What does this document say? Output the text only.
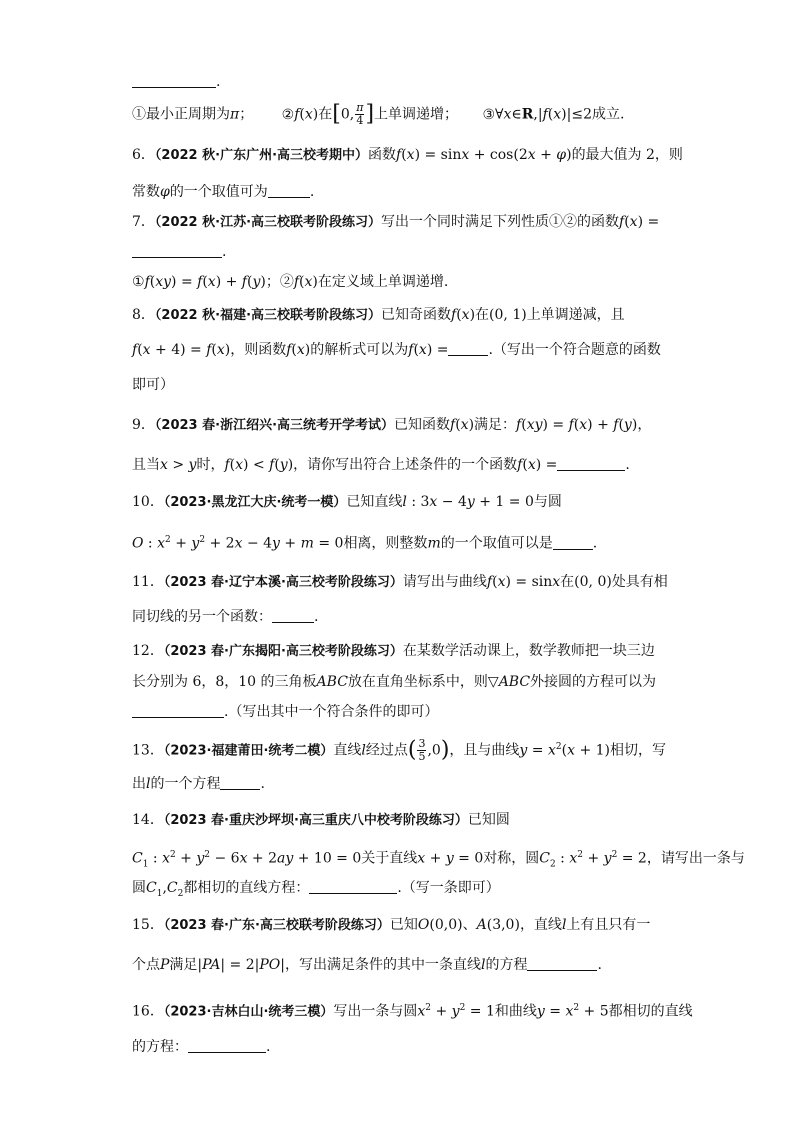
.
①最小正周期为π； ②f(x)在[0, $\frac{\pi}{4}$ ]上单调递增； ③∀x∈R,|f(x)|≤2成立.
6．（2022 秋·广东广州·高三校考期中）函数f(x) = sinx + cos(2x + φ)的最大值为 2，则
常数φ的一个取值可为	.
7．（2022 秋·江苏·高三校联考阶段练习）写出一个同时满足下列性质①②的函数f(x) =
.
①f(xy) = f(x) + f(y)；②f(x)在定义域上单调递增.
8．（2022 秋·福建·高三校联考阶段练习）已知奇函数f(x)在(0, 1)上单调递减，且
f(x + 4) = f(x)，则函数f(x)的解析式可以为f(x) =	.（写出一个符合题意的函数
即可）
9．（2023 春·浙江绍兴·高三统考开学考试）已知函数f(x)满足：f(xy) = f(x) + f(y)，
且当x > y时，f(x) < f(y)，请你写出符合上述条件的一个函数f(x) =	.
10．（2023·黑龙江大庆·统考一模）已知直线l : 3x − 4y + 1 = 0与圆
O : $x^2 + y^2 + 2x - 4y + m = 0$相离，则整数m的一个取值可以是	.
11．（2023 春·辽宁本溪·高三校考阶段练习）请写出与曲线f(x) = sinx在(0, 0)处具有相
同切线的另一个函数：	.
12．（2023 春·广东揭阳·高三校考阶段练习）在某数学活动课上，数学教师把一块三边
长分别为 6，8，10 的三角板ABC放在直角坐标系中，则▽ABC外接圆的方程可以为
.（写出其中一个符合条件的即可）
13．（2023·福建莆田·统考二模）直线l经过点( $\frac{3}{5} ,0$)，且与曲线$y = x^2(x + 1)$相切，写
出l的一个方程	.
14．（2023 春·重庆沙坪坝·高三重庆八中校考阶段练习）已知圆
$C_1$ : $x^2 + y^2 - 6x + 2ay + 10 = 0$关于直线x + y = 0对称，圆$C_2$ : $x^2 + y^2 = 2$，请写出一条与
圆$C_1,C_2$都相切的直线方程：	.（写一条即可）
15．（2023 春·广东·高三校联考阶段练习）已知O(0,0)、A(3,0)，直线l上有且只有一
个点P满足|PA| = 2|PO|，写出满足条件的其中一条直线l的方程	.
16．（2023·吉林白山·统考三模）写出一条与圆$x^2 + y^2 = 1$和曲线$y = x^2 + 5$都相切的直线
的方程：	.
